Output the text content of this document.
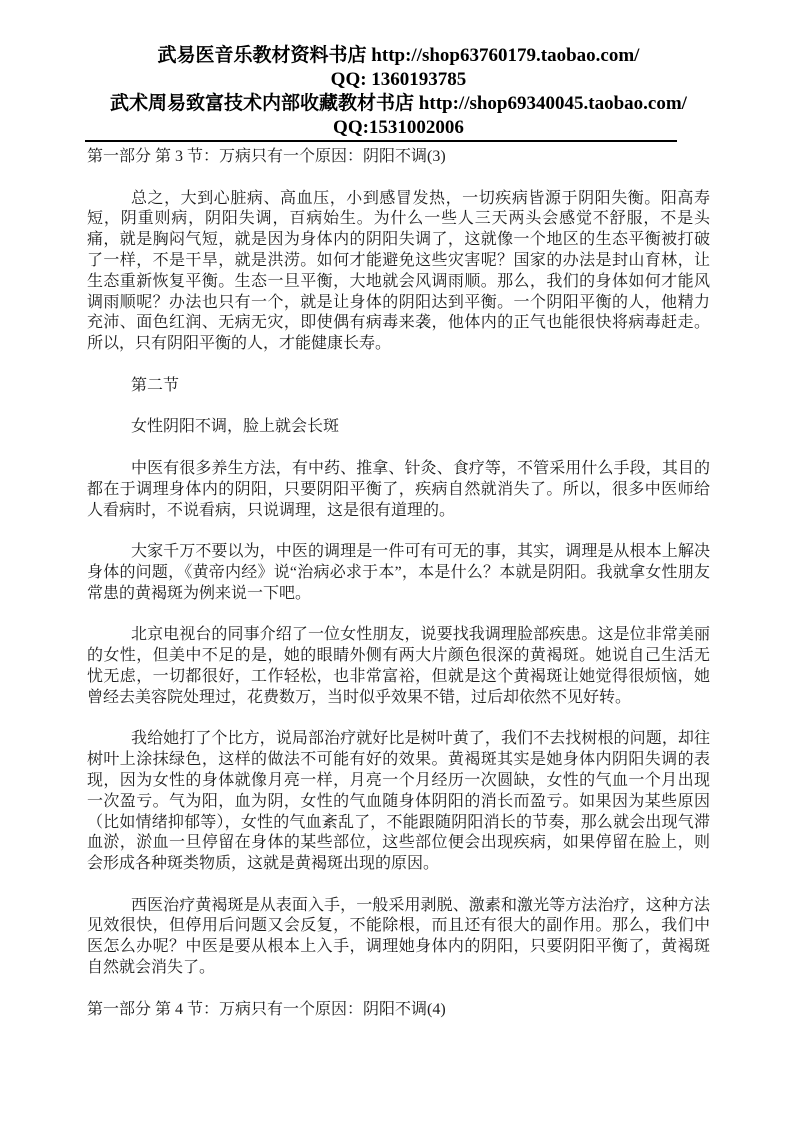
武易医音乐教材资料书店 http://shop63760179.taobao.com/
QQ: 1360193785
武术周易致富技术内部收藏教材书店 http://shop69340045.taobao.com/
QQ:1531002006
第一部分 第 3 节：万病只有一个原因：阴阳不调(3)

总之，大到心脏病、高血压，小到感冒发热，一切疾病皆源于阴阳失衡。阳高寿短，阴重则病，阴阳失调，百病始生。为什么一些人三天两头会感觉不舒服，不是头痛，就是胸闷气短，就是因为身体内的阴阳失调了，这就像一个地区的生态平衡被打破了一样，不是干旱，就是洪涝。如何才能避免这些灾害呢？国家的办法是封山育林，让生态重新恢复平衡。生态一旦平衡，大地就会风调雨顺。那么，我们的身体如何才能风调雨顺呢？办法也只有一个，就是让身体的阴阳达到平衡。一个阴阳平衡的人，他精力充沛、面色红润、无病无灾，即使偶有病毒来袭，他体内的正气也能很快将病毒赶走。所以，只有阴阳平衡的人，才能健康长寿。

第二节
女性阴阳不调，脸上就会长斑

中医有很多养生方法，有中药、推拿、针灸、食疗等，不管采用什么手段，其目的都在于调理身体内的阴阳，只要阴阳平衡了，疾病自然就消失了。所以，很多中医师给人看病时，不说看病，只说调理，这是很有道理的。

大家千万不要以为，中医的调理是一件可有可无的事，其实，调理是从根本上解决身体的问题，《黄帝内经》说“治病必求于本”，本是什么？本就是阴阳。我就拿女性朋友常患的黄褐斑为例来说一下吧。

北京电视台的同事介绍了一位女性朋友，说要找我调理脸部疾患。这是位非常美丽的女性，但美中不足的是，她的眼睛外侧有两大片颜色很深的黄褐斑。她说自己生活无忧无虑，一切都很好，工作轻松，也非常富裕，但就是这个黄褐斑让她觉得很烦恼，她曾经去美容院处理过，花费数万，当时似乎效果不错，过后却依然不见好转。

我给她打了个比方，说局部治疗就好比是树叶黄了，我们不去找树根的问题，却往树叶上涂抹绿色，这样的做法不可能有好的效果。黄褐斑其实是她身体内阴阳失调的表现，因为女性的身体就像月亮一样，月亮一个月经历一次圆缺，女性的气血一个月出现一次盈亏。气为阳，血为阴，女性的气血随身体阴阳的消长而盈亏。如果因为某些原因（比如情绪抑郁等），女性的气血紊乱了，不能跟随阴阳消长的节奏，那么就会出现气滞血淤，淤血一旦停留在身体的某些部位，这些部位便会出现疾病，如果停留在脸上，则会形成各种斑类物质，这就是黄褐斑出现的原因。

西医治疗黄褐斑是从表面入手，一般采用剥脱、激素和激光等方法治疗，这种方法见效很快，但停用后问题又会反复，不能除根，而且还有很大的副作用。那么，我们中医怎么办呢？中医是要从根本上入手，调理她身体内的阴阳，只要阴阳平衡了，黄褐斑自然就会消失了。

第一部分 第 4 节：万病只有一个原因：阴阳不调(4)
